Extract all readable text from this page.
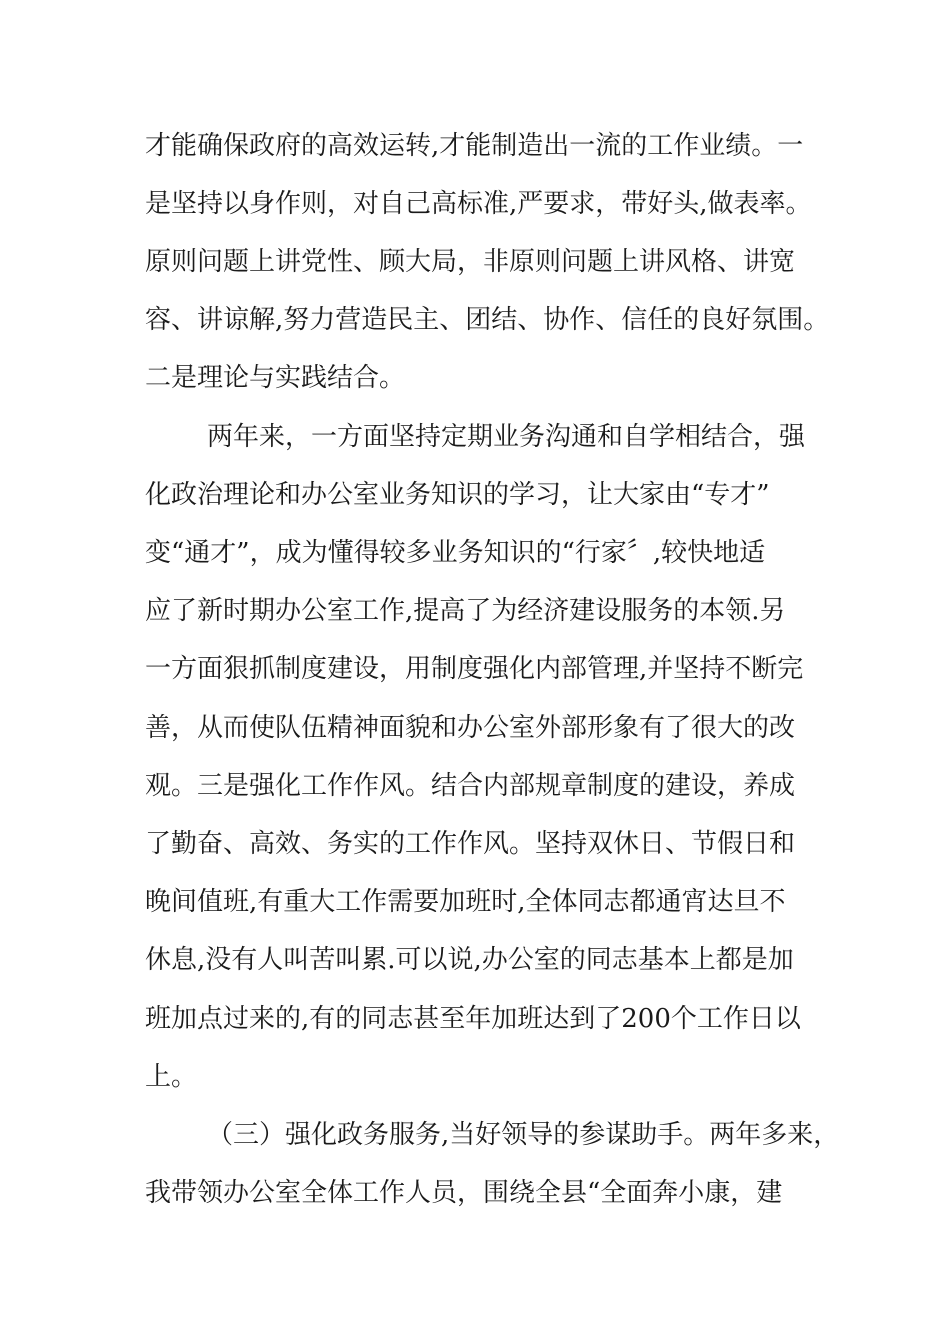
才能确保政府的高效运转,才能制造出一流的工作业绩。一
是坚持以身作则，对自己高标准,严要求，带好头,做表率。
原则问题上讲党性、顾大局，非原则问题上讲风格、讲宽
容、讲谅解,努力营造民主、团结、协作、信任的良好氛围。
二是理论与实践结合。
两年来，一方面坚持定期业务沟通和自学相结合，强
化政治理论和办公室业务知识的学习，让大家由“专才”
变“通才”，成为懂得较多业务知识的“行家〞,较快地适
应了新时期办公室工作,提高了为经济建设服务的本领.另
一方面狠抓制度建设，用制度强化内部管理,并坚持不断完
善，从而使队伍精神面貌和办公室外部形象有了很大的改
观。三是强化工作作风。结合内部规章制度的建设，养成
了勤奋、高效、务实的工作作风。坚持双休日、节假日和
晚间值班,有重大工作需要加班时,全体同志都通宵达旦不
休息,没有人叫苦叫累.可以说,办公室的同志基本上都是加
班加点过来的,有的同志甚至年加班达到了200个工作日以
上。
（三）强化政务服务,当好领导的参谋助手。两年多来，
我带领办公室全体工作人员，围绕全县“全面奔小康，建
